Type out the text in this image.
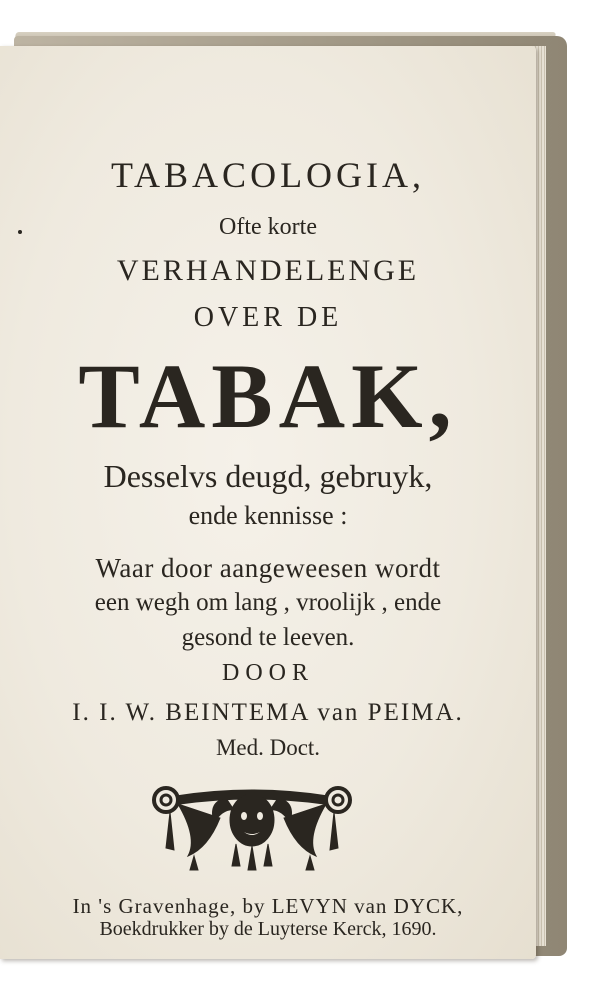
TABACOLOGIA,
Ofte korte
VERHANDELENGE
OVER DE
TABAK,
Desselvs deugd, gebruyk,
ende kennisse :
Waar door aangeweesen wordt
een wegh om lang , vroolijk , ende
gesond te leeven.
DOOR
I. I. W. BEINTEMA van PEIMA.
Med. Doct.
In 's Gravenhage, by LEVYN van DYCK,
Boekdrukker by de Luyterse Kerck, 1690.
